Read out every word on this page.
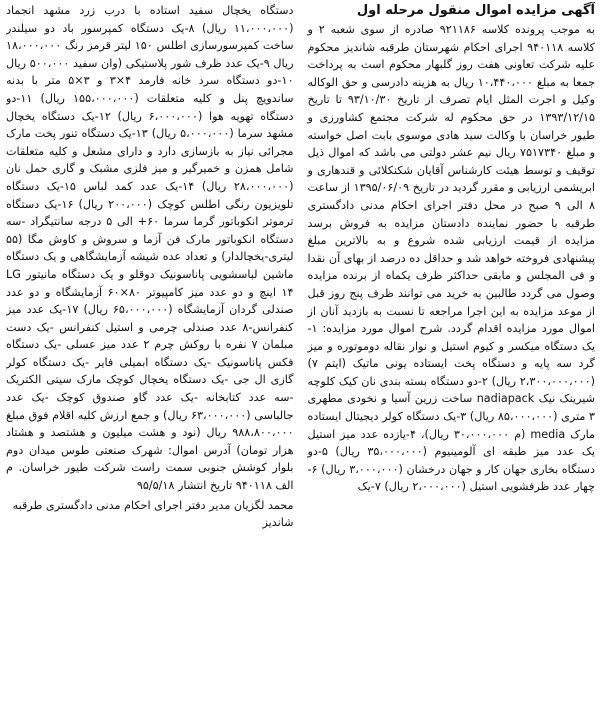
آگهی مزایده اموال منقول مرحله اول

به موجب پرونده کلاسه ۹۲۱۱۸۶ صادره از سوی شعبه ۲ و کلاسه ۹۴۰۱۱۸ اجرای احکام شهرستان طرقبه شاندیز محکوم علیه شرکت تعاونی هفت روز گلبهار محکوم است به پرداخت جمعا به مبلغ ۱۰،۴۴۰،۰۰۰ ریال به هزینه دادرسی و حق الوکاله وکیل و اجرت المثل ایام تصرف از تاریخ ۹۳/۱۰/۳۰ تا تاریخ ۱۳۹۳/۱۲/۱۵ در حق محکوم له شرکت مجتمع کشاورزی و طیور خراسان با وکالت سید هادی موسوی بابت اصل خواسته و مبلغ ۷۵۱۷۳۴۰ ریال نیم عشر دولتی می باشد که اموال ذیل توقیف و توسط هیئت کارشناس آقایان شکنکلائی و قندهاری و ابریشمی ارزیابی و مقرر گردید در تاریخ ۱۳۹۵/۰۶/۰۹ از ساعت ۸ الی ۹ صبح در محل دفتر اجرای احکام مدنی دادگستری طرقبه با حضور نماینده دادستان مزایده به فروش برسد مزایده از قیمت ارزیابی شده شروع و به بالاترین مبلغ پیشنهادی فروخته خواهد شد و حداقل ده درصد از بهای آن نقدا و فی المجلس و مابقی حداکثر ظرف یکماه از برنده مزایده وصول می گردد طالبین به خرید می توانند ظرف پنج روز قبل از موعد مزایده به این اجرا مراجعه تا نسبت به بازدید آنان از اموال مورد مزایده اقدام گردد. شرح اموال مورد مزایده: ۱-یک دستگاه میکسر و کیوم استیل و نوار نقاله دوموتوره و میز گرد سه پایه و دستگاه پخت ایستاده یونی ماتیک (ایتم ۷) (۲،۳۰۰،۰۰۰،۰۰۰ ریال) ۲-دو دستگاه بسته بندی نان کیک کلوچه شیرینک نیک nadiapack ساخت زرین آسیا و نخودی مطهری ۳ متری (۸۵،۰۰۰،۰۰۰ ریال) ۳-یک دستگاه کولر دیجیتال ایستاده مارک media (م ۳۰،۰۰۰،۰۰۰ ریال)، ۴-یازده عدد میز استیل یک عدد میز طبقه ای آلومینیوم (۳۵،۰۰۰،۰۰۰ ریال) ۵-دو دستگاه بخاری جهان کار و جهان درخشان (۳،۰۰۰،۰۰۰ ریال) ۶-چهار عدد ظرفشویی استیل (۲،۰۰۰،۰۰۰ ریال) ۷-یک

دستگاه یخچال سفید استاده با درب زرد مشهد انجماد (۱۱،۰۰۰،۰۰۰ ریال) ۸-یک دستگاه کمپرسور باد دو سیلندر ساخت کمپرسورسازی اطلس ۱۵۰ لیتر قرمز رنگ ۱۸،۰۰۰،۰۰۰ ریال ۹-یک عدد ظرف شور پلاستیکی (وان سفید ۵۰۰،۰۰۰ ریال ۱۰-دو دستگاه سرد خانه فارمد ۴×۳ و ۳×۵ متر با بدنه ساندویچ پنل و کلیه متعلقات (۱۵۵،۰۰۰،۰۰۰ ریال) ۱۱-دو دستگاه تهویه هوا (۶،۰۰۰،۰۰۰ ریال) ۱۲-یک دستگاه یخچال مشهد سرما (۵،۰۰۰،۰۰۰ ریال) ۱۳-یک دستگاه تنور پخت مارک مجرائی نیاز به بازسازی دارد و دارای مشعل و کلیه متعلقات شامل همزن و خمیرگیر و میز فلزی مشبک و گاری حمل نان (۲۸،۰۰۰،۰۰۰ ریال) ۱۴-یک عدد کمد لباس ۱۵-یک دستگاه تلویزیون رنگی اطلس کوچک (۲۰۰،۰۰۰ ریال) ۱۶-یک دستگاه ترموتر انکوباتور گرما سرما ۶۰+ الی ۵ درجه سانتیگراد -سه دستگاه انکوباتور مارک فن آزما و سروش و کاوش مگا (۵۵ لیتری-یخچالدار) و تعداد عده شیشه آزمایشگاهی و یک دستگاه ماشین لباسشویی پاناسونیک دوقلو و یک دستگاه مانیتور LG ۱۴ اینچ و دو عدد میز کامپیوتر ۸۰×۶۰ آزمایشگاه و دو عدد صندلی گردان آزمایشگاه (۶۵،۰۰۰،۰۰۰ ریال) ۱۷-یک عدد میز کنفرانس-۸ عدد صندلی چرمی و استیل کنفرانس -یک دست مبلمان ۷ نفره با روکش چرم ۲ عدد میز عسلی -یک دستگاه فکس پاناسونیک -یک دستگاه ابمیلی فایر -یک دستگاه کولر گازی ال جی -یک دستگاه یخچال کوچک مارک سیتی الکتریک -سه عدد کتابخانه -یک عدد گاو صندوق کوچک -یک عدد جالباسی (۶۳،۰۰۰،۰۰۰ ریال) و جمع ارزش کلیه اقلام فوق مبلغ ۹۸۸،۸۰۰،۰۰۰ ریال (نود و هشت میلیون و هشتصد و هشتاد هزار تومان) آدرس اموال: شهرک صنعتی طوس میدان دوم بلوار کوشش جنوبی سمت راست شرکت طیور خراسان. م الف ۹۴۰۱۱۸ تاریخ انتشار ۹۵/۵/۱۸

محمد لگزیان مدیر دفتر اجرای احکام مدنی دادگستری طرقبه شاندیز
